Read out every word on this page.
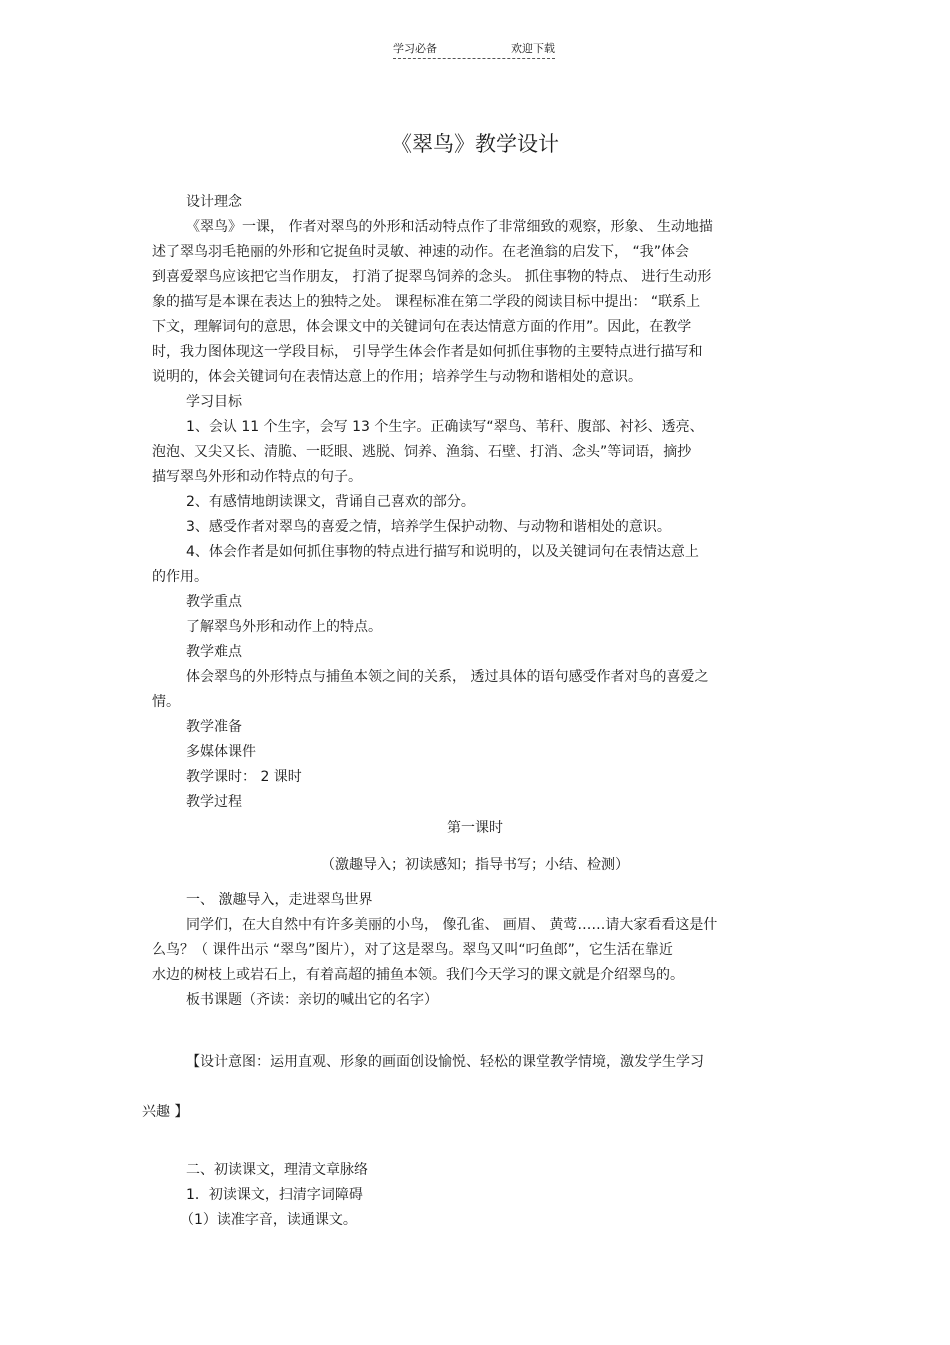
学习必备	欢迎下载
《翠鸟》教学设计
设计理念
《翠鸟》一课， 作者对翠鸟的外形和活动特点作了非常细致的观察，形象、 生动地描
述了翠鸟羽毛艳丽的外形和它捉鱼时灵敏、神速的动作。在老渔翁的启发下， “我”体会
到喜爱翠鸟应该把它当作朋友， 打消了捉翠鸟饲养的念头。 抓住事物的特点、 进行生动形
象的描写是本课在表达上的独特之处。 课程标准在第二学段的阅读目标中提出： “联系上
下文，理解词句的意思，体会课文中的关键词句在表达情意方面的作用”。因此，在教学
时，我力图体现这一学段目标， 引导学生体会作者是如何抓住事物的主要特点进行描写和
说明的，体会关键词句在表情达意上的作用；培养学生与动物和谐相处的意识。
学习目标
1、会认 11 个生字，会写 13 个生字。正确读写“翠鸟、苇秆、腹部、衬衫、透亮、
泡泡、又尖又长、清脆、一眨眼、逃脱、饲养、渔翁、石壁、打消、念头”等词语，摘抄
描写翠鸟外形和动作特点的句子。
2、有感情地朗读课文，背诵自己喜欢的部分。
3、感受作者对翠鸟的喜爱之情，培养学生保护动物、与动物和谐相处的意识。
4、体会作者是如何抓住事物的特点进行描写和说明的，以及关键词句在表情达意上
的作用。
教学重点
了解翠鸟外形和动作上的特点。
教学难点
体会翠鸟的外形特点与捕鱼本领之间的关系， 透过具体的语句感受作者对鸟的喜爱之
情。
教学准备
多媒体课件
教学课时： 2 课时
教学过程
第一课时
（激趣导入；初读感知；指导书写；小结、检测）
一、 激趣导入，走进翠鸟世界
同学们，在大自然中有许多美丽的小鸟， 像孔雀、 画眉、 黄莺……请大家看看这是什
么鸟？（ 课件出示 “翠鸟”图片），对了这是翠鸟。翠鸟又叫“叼鱼郎”，它生活在靠近
水边的树枝上或岩石上，有着高超的捕鱼本领。我们今天学习的课文就是介绍翠鸟的。
板书课题（齐读：亲切的喊出它的名字）
【设计意图：运用直观、形象的画面创设愉悦、轻松的课堂教学情境，激发学生学习
兴趣 】
二、初读课文，理清文章脉络
1．初读课文，扫清字词障碍
（1）读准字音，读通课文。
